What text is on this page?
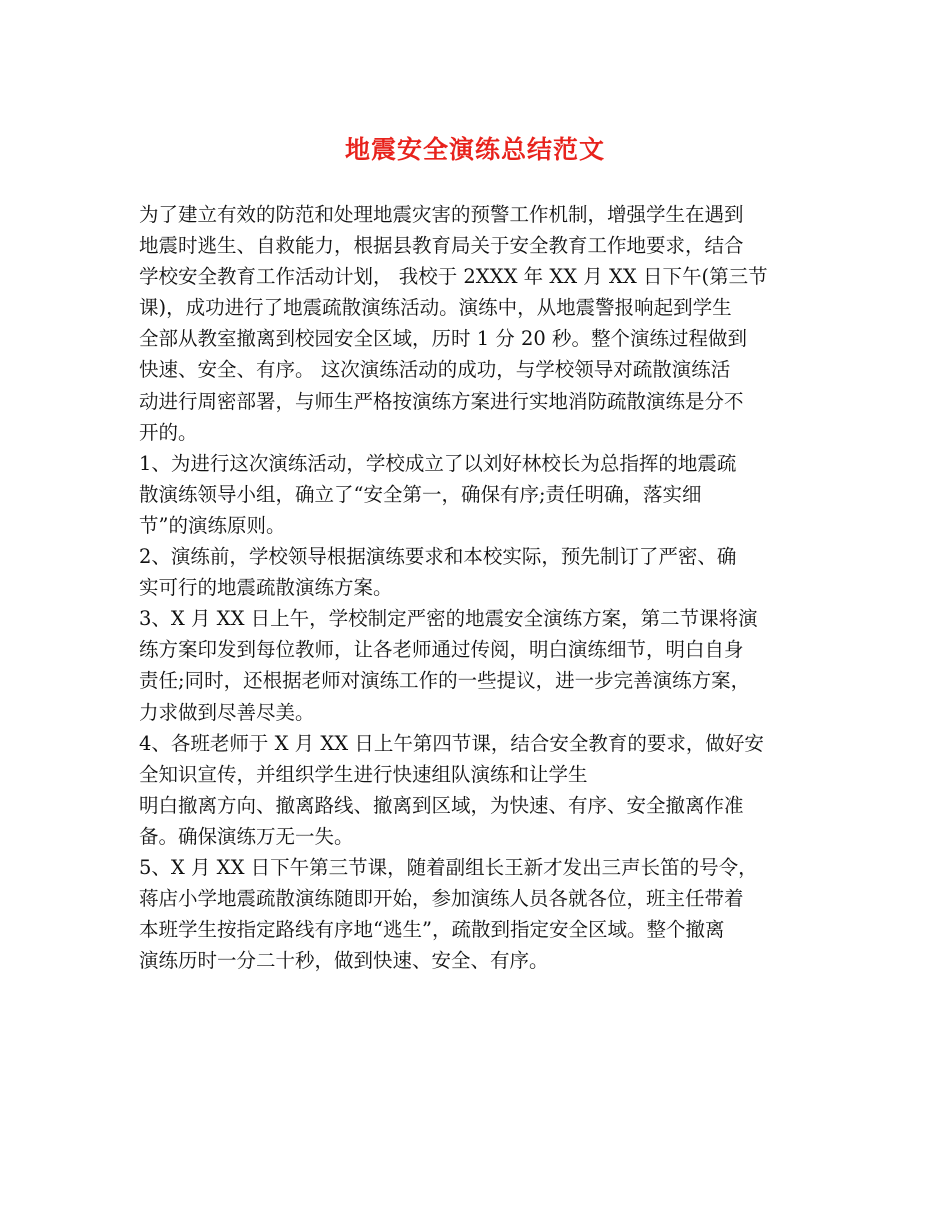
地震安全演练总结范文
为了建立有效的防范和处理地震灾害的预警工作机制，增强学生在遇到
地震时逃生、自救能力，根据县教育局关于安全教育工作地要求，结合
学校安全教育工作活动计划， 我校于 2XXX 年 XX 月 XX 日下午(第三节
课)，成功进行了地震疏散演练活动。演练中，从地震警报响起到学生
全部从教室撤离到校园安全区域，历时 1 分 20 秒。整个演练过程做到
快速、安全、有序。 这次演练活动的成功，与学校领导对疏散演练活
动进行周密部署，与师生严格按演练方案进行实地消防疏散演练是分不
开的。
1、为进行这次演练活动，学校成立了以刘好林校长为总指挥的地震疏
散演练领导小组，确立了“安全第一，确保有序;责任明确，落实细
节”的演练原则。
2、演练前，学校领导根据演练要求和本校实际，预先制订了严密、确
实可行的地震疏散演练方案。
3、X 月 XX 日上午，学校制定严密的地震安全演练方案，第二节课将演
练方案印发到每位教师，让各老师通过传阅，明白演练细节，明白自身
责任;同时，还根据老师对演练工作的一些提议，进一步完善演练方案，
力求做到尽善尽美。
4、各班老师于 X 月 XX 日上午第四节课，结合安全教育的要求，做好安
全知识宣传，并组织学生进行快速组队演练和让学生
明白撤离方向、撤离路线、撤离到区域，为快速、有序、安全撤离作准
备。确保演练万无一失。
5、X 月 XX 日下午第三节课，随着副组长王新才发出三声长笛的号令，
蒋店小学地震疏散演练随即开始，参加演练人员各就各位，班主任带着
本班学生按指定路线有序地“逃生”，疏散到指定安全区域。整个撤离
演练历时一分二十秒，做到快速、安全、有序。
